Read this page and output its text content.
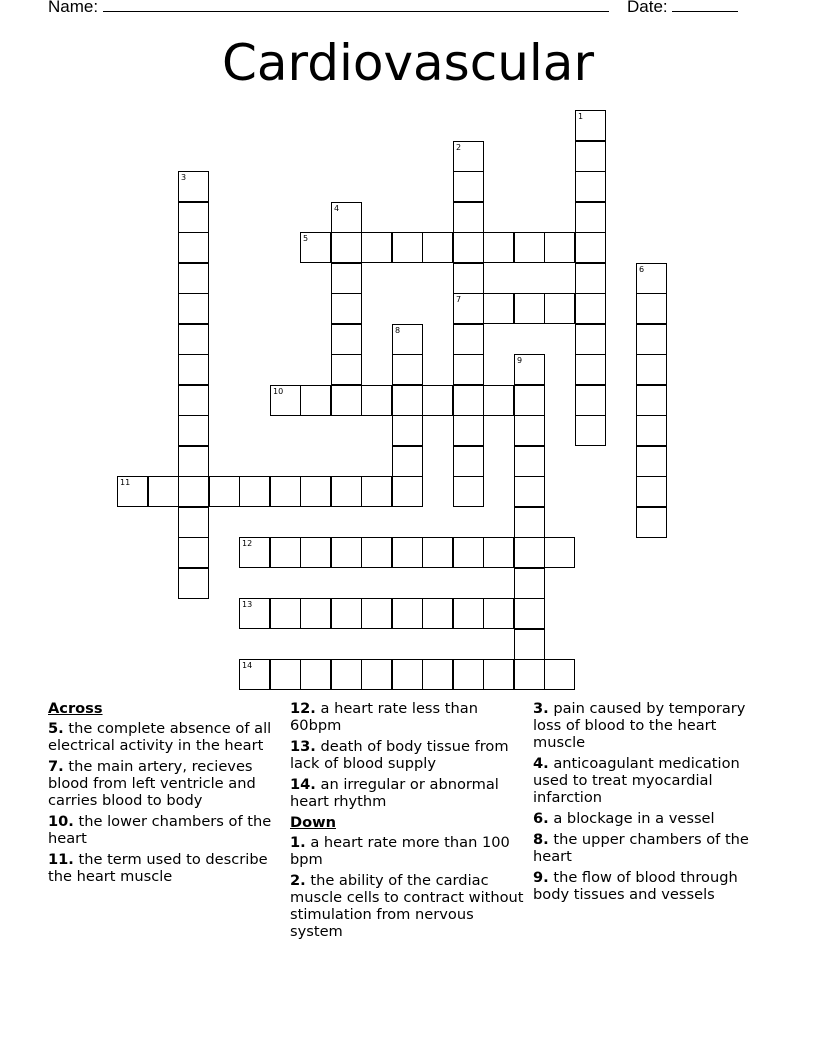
Name:	Date:
Cardiovascular
1
2
7
3
4
5
6
8
9
10
11
12
13
14
Across
5. the complete absence of all electrical activity in the heart
7. the main artery, recieves blood from left ventricle and carries blood to body
10. the lower chambers of the heart
11. the term used to describe the heart muscle
12. a heart rate less than 60bpm
13. death of body tissue from lack of blood supply
14. an irregular or abnormal heart rhythm
Down
1. a heart rate more than 100 bpm
2. the ability of the cardiac muscle cells to contract without stimulation from nervous system
3. pain caused by temporary loss of blood to the heart muscle
4. anticoagulant medication used to treat myocardial infarction
6. a blockage in a vessel
8. the upper chambers of the heart
9. the flow of blood through body tissues and vessels
